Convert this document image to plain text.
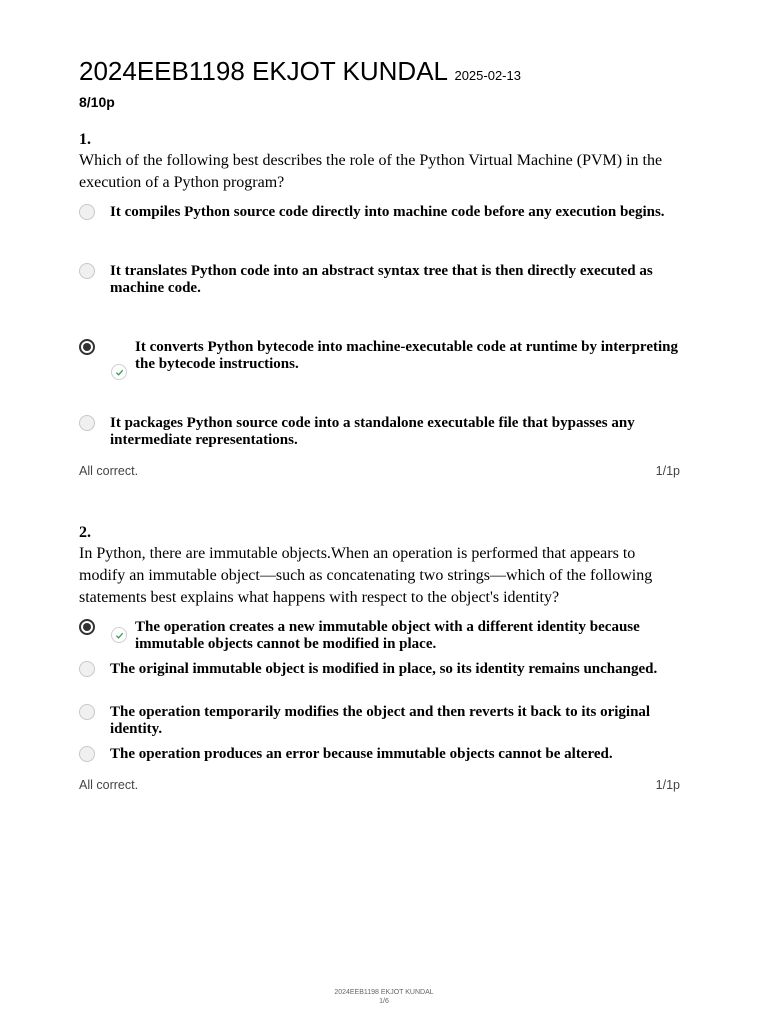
2024EEB1198 EKJOT KUNDAL 2025-02-13
8/10p
1.
Which of the following best describes the role of the Python Virtual Machine (PVM) in the execution of a Python program?
It compiles Python source code directly into machine code before any execution begins.
It translates Python code into an abstract syntax tree that is then directly executed as machine code.
It converts Python bytecode into machine-executable code at runtime by interpreting the bytecode instructions.
It packages Python source code into a standalone executable file that bypasses any intermediate representations.
All correct.	1/1p
2.
In Python, there are immutable objects.When an operation is performed that appears to modify an immutable object—such as concatenating two strings—which of the following statements best explains what happens with respect to the object's identity?
The operation creates a new immutable object with a different identity because immutable objects cannot be modified in place.
The original immutable object is modified in place, so its identity remains unchanged.
The operation temporarily modifies the object and then reverts it back to its original identity.
The operation produces an error because immutable objects cannot be altered.
All correct.	1/1p
2024EEB1198 EKJOT KUNDAL
1/6
